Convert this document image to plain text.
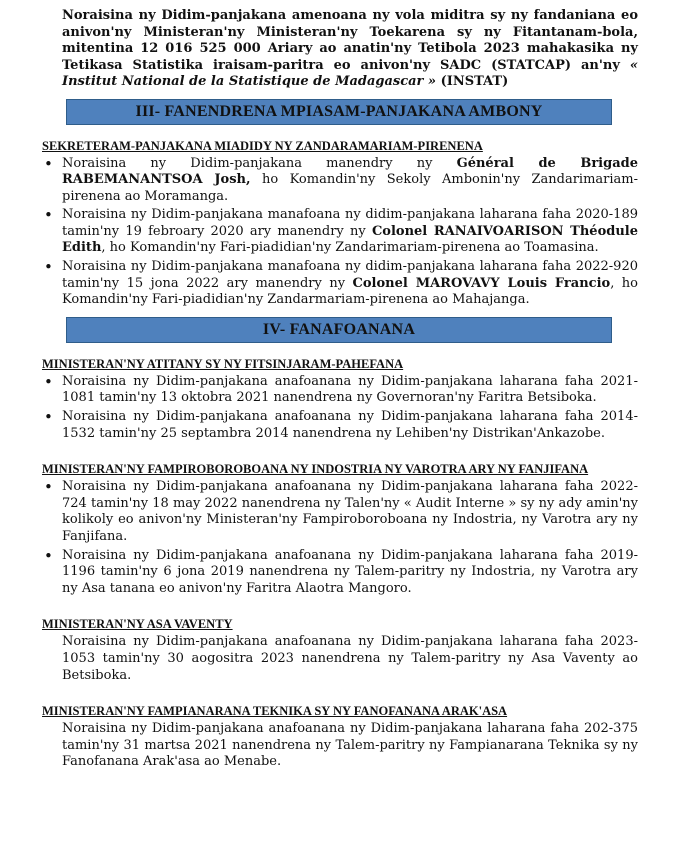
Noraisina ny Didim-panjakana amenoana ny vola miditra sy ny fandaniana eo anivon'ny Ministeran'ny Ministeran'ny Toekarena sy ny Fitantanam-bola, mitentina 12 016 525 000 Ariary ao anatin'ny Tetibola 2023 mahakasika ny Tetikasa Statistika iraisam-paritra eo anivon'ny SADC (STATCAP) an'ny « Institut National de la Statistique de Madagascar » (INSTAT)

III- FANENDRENA MPIASAM-PANJAKANA AMBONY
SEKRETERAM-PANJAKANA MIADIDY NY ZANDARAMARIAM-PIRENENA
• Noraisina ny Didim-panjakana manendry ny Général de Brigade RABEMANANTSOA Josh, ho Komandin'ny Sekoly Ambonin'ny Zandarimariam-pirenena ao Moramanga.
• Noraisina ny Didim-panjakana manafoana ny didim-panjakana laharana faha 2020-189 tamin'ny 19 febroary 2020 ary manendry ny Colonel RANAIVOARISON Théodule Edith, ho Komandin'ny Fari-piadidian'ny Zandarimariam-pirenena ao Toamasina.
• Noraisina ny Didim-panjakana manafoana ny didim-panjakana laharana faha 2022-920 tamin'ny 15 jona 2022 ary manendry ny Colonel MAROVAVY Louis Francio, ho Komandin'ny Fari-piadidian'ny Zandarmariam-pirenena ao Mahajanga.
IV- FANAFOANANA
MINISTERAN'NY ATITANY SY NY FITSINJARAM-PAHEFANA
• Noraisina ny Didim-panjakana anafoanana ny Didim-panjakana laharana faha 2021-1081 tamin'ny 13 oktobra 2021 nanendrena ny Governoran'ny Faritra Betsiboka.
• Noraisina ny Didim-panjakana anafoanana ny Didim-panjakana laharana faha 2014- 1532 tamin'ny 25 septambra 2014 nanendrena ny Lehiben'ny Distrikan'Ankazobe.
MINISTERAN'NY FAMPIROBOROBOANA NY INDOSTRIA NY VAROTRA ARY NY FANJIFANA
• Noraisina ny Didim-panjakana anafoanana ny Didim-panjakana laharana faha 2022-724 tamin'ny 18 may 2022 nanendrena ny Talen'ny « Audit Interne » sy ny ady amin'ny kolikoly eo anivon'ny Ministeran'ny Fampiroboroboana ny Indostria, ny Varotra ary ny Fanjifana.
• Noraisina ny Didim-panjakana anafoanana ny Didim-panjakana laharana faha 2019-1196 tamin'ny 6 jona 2019 nanendrena ny Talem-paritry ny Indostria, ny Varotra ary ny Asa tanana eo anivon'ny Faritra Alaotra Mangoro.
MINISTERAN'NY ASA VAVENTY

Noraisina ny Didim-panjakana anafoanana ny Didim-panjakana laharana faha 2023-1053 tamin'ny 30 aogositra 2023 nanendrena ny Talem-paritry ny Asa Vaventy ao Betsiboka.

MINISTERAN'NY FAMPIANARANA TEKNIKA SY NY FANOFANANA ARAK'ASA

Noraisina ny Didim-panjakana anafoanana ny Didim-panjakana laharana faha 202-375 tamin'ny 31 martsa 2021 nanendrena ny Talem-paritry ny Fampianarana Teknika sy ny Fanofanana Arak'asa ao Menabe.
